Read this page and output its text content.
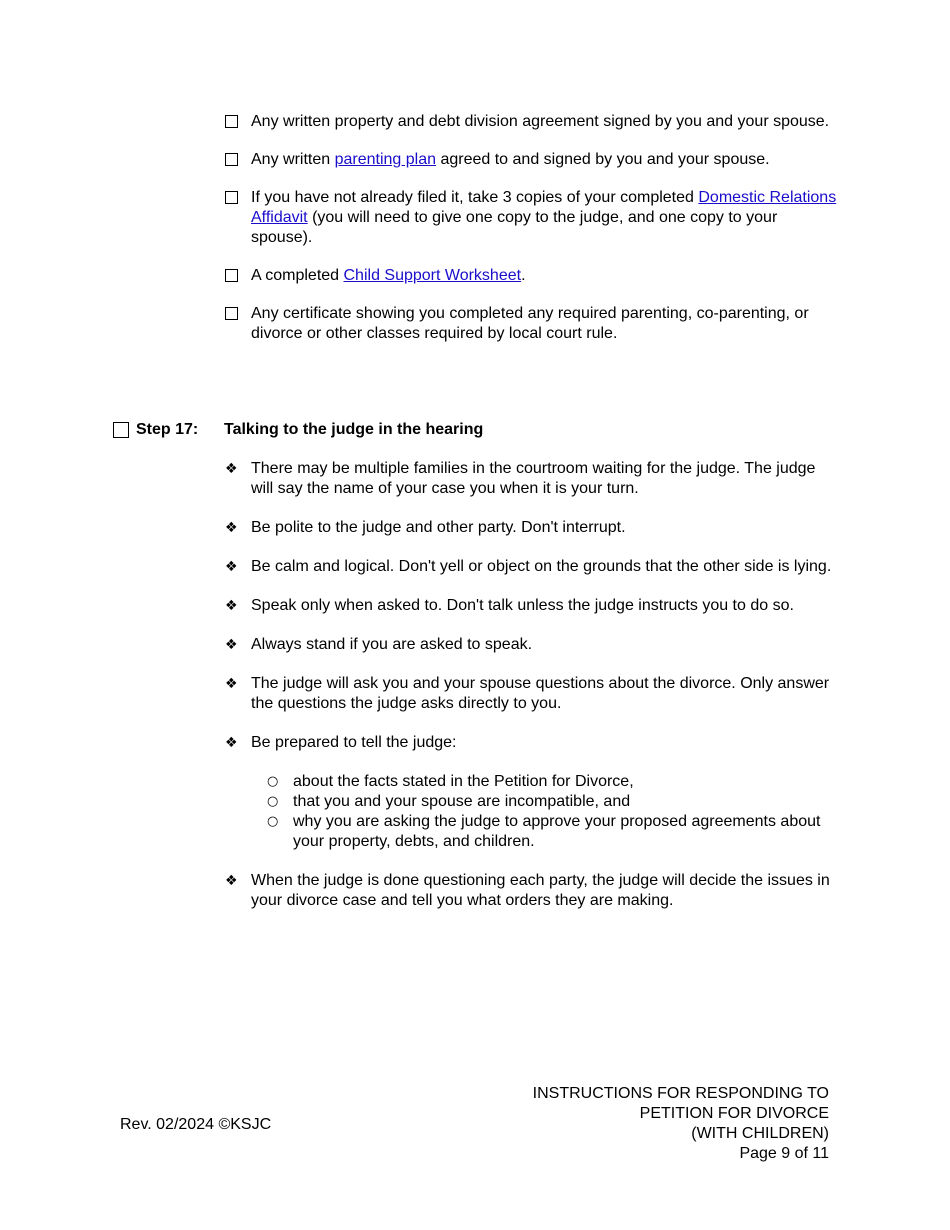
Any written property and debt division agreement signed by you and your spouse.
Any written parenting plan agreed to and signed by you and your spouse.
If you have not already filed it, take 3 copies of your completed Domestic Relations Affidavit (you will need to give one copy to the judge, and one copy to your spouse).
A completed Child Support Worksheet.
Any certificate showing you completed any required parenting, co-parenting, or divorce or other classes required by local court rule.
Step 17: Talking to the judge in the hearing
❖ There may be multiple families in the courtroom waiting for the judge. The judge will say the name of your case you when it is your turn.
❖ Be polite to the judge and other party. Don't interrupt.
❖ Be calm and logical. Don't yell or object on the grounds that the other side is lying.
❖ Speak only when asked to. Don't talk unless the judge instructs you to do so.
❖ Always stand if you are asked to speak.
❖ The judge will ask you and your spouse questions about the divorce. Only answer the questions the judge asks directly to you.
❖ Be prepared to tell the judge:
○ about the facts stated in the Petition for Divorce,
○ that you and your spouse are incompatible, and
○ why you are asking the judge to approve your proposed agreements about your property, debts, and children.
❖ When the judge is done questioning each party, the judge will decide the issues in your divorce case and tell you what orders they are making.
Rev. 02/2024 ©KSJC
INSTRUCTIONS FOR RESPONDING TO
PETITION FOR DIVORCE
(WITH CHILDREN)
Page 9 of 11
